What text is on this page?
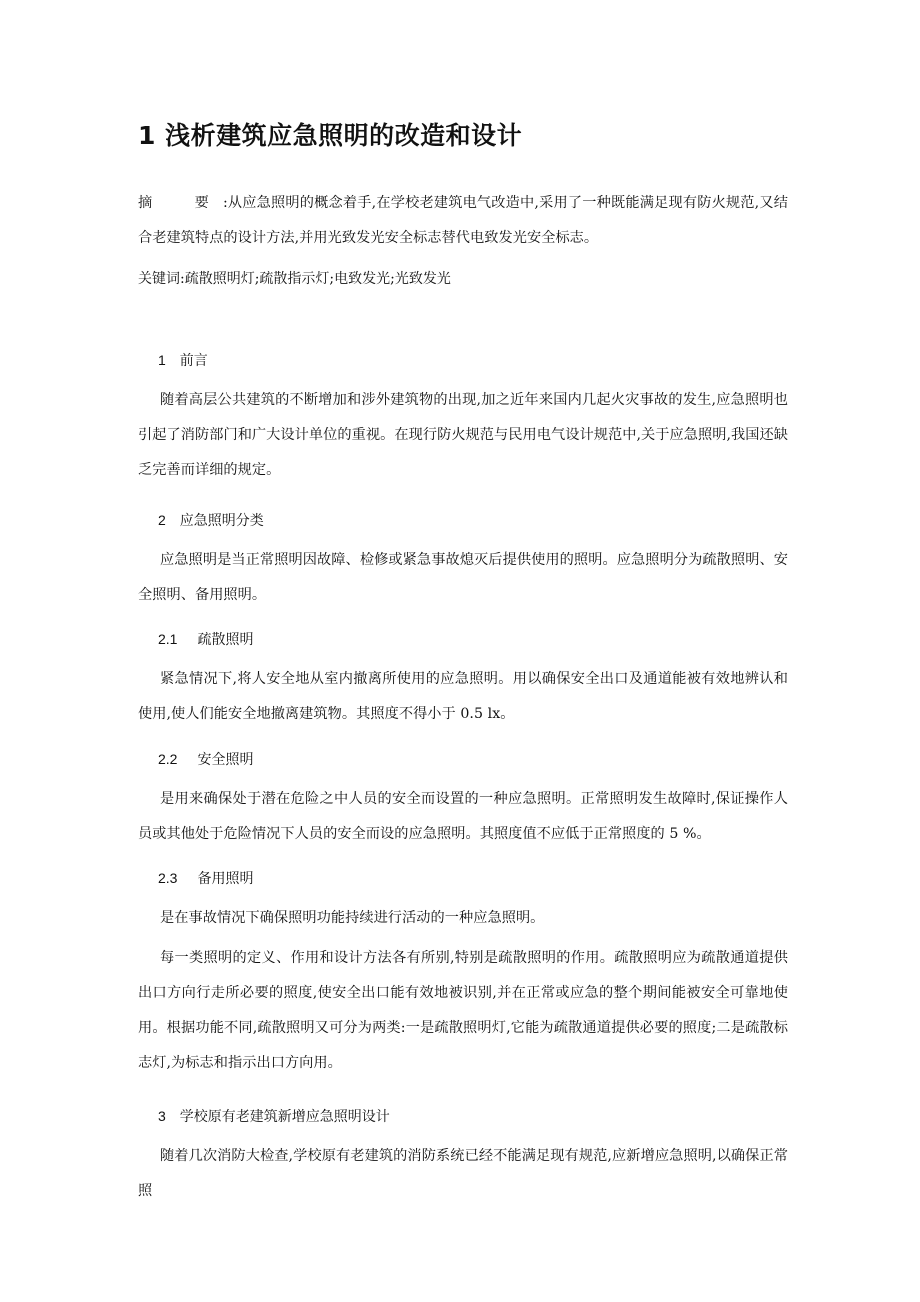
1 浅析建筑应急照明的改造和设计
摘　要:从应急照明的概念着手,在学校老建筑电气改造中,采用了一种既能满足现有防火规范,又结合老建筑特点的设计方法,并用光致发光安全标志替代电致发光安全标志。
关键词:疏散照明灯;疏散指示灯;电致发光;光致发光
1 前言
随着高层公共建筑的不断增加和涉外建筑物的出现,加之近年来国内几起火灾事故的发生,应急照明也引起了消防部门和广大设计单位的重视。在现行防火规范与民用电气设计规范中,关于应急照明,我国还缺乏完善而详细的规定。
2 应急照明分类
应急照明是当正常照明因故障、检修或紧急事故熄灭后提供使用的照明。应急照明分为疏散照明、安全照明、备用照明。
2.1 疏散照明
紧急情况下,将人安全地从室内撤离所使用的应急照明。用以确保安全出口及通道能被有效地辨认和使用,使人们能安全地撤离建筑物。其照度不得小于 0.5 lx。
2.2 安全照明
是用来确保处于潜在危险之中人员的安全而设置的一种应急照明。正常照明发生故障时,保证操作人员或其他处于危险情况下人员的安全而设的应急照明。其照度值不应低于正常照度的 5 %。
2.3 备用照明
是在事故情况下确保照明功能持续进行活动的一种应急照明。
每一类照明的定义、作用和设计方法各有所别,特别是疏散照明的作用。疏散照明应为疏散通道提供出口方向行走所必要的照度,使安全出口能有效地被识别,并在正常或应急的整个期间能被安全可靠地使用。根据功能不同,疏散照明又可分为两类:一是疏散照明灯,它能为疏散通道提供必要的照度;二是疏散标志灯,为标志和指示出口方向用。
3 学校原有老建筑新增应急照明设计
随着几次消防大检查,学校原有老建筑的消防系统已经不能满足现有规范,应新增应急照明,以确保正常照
